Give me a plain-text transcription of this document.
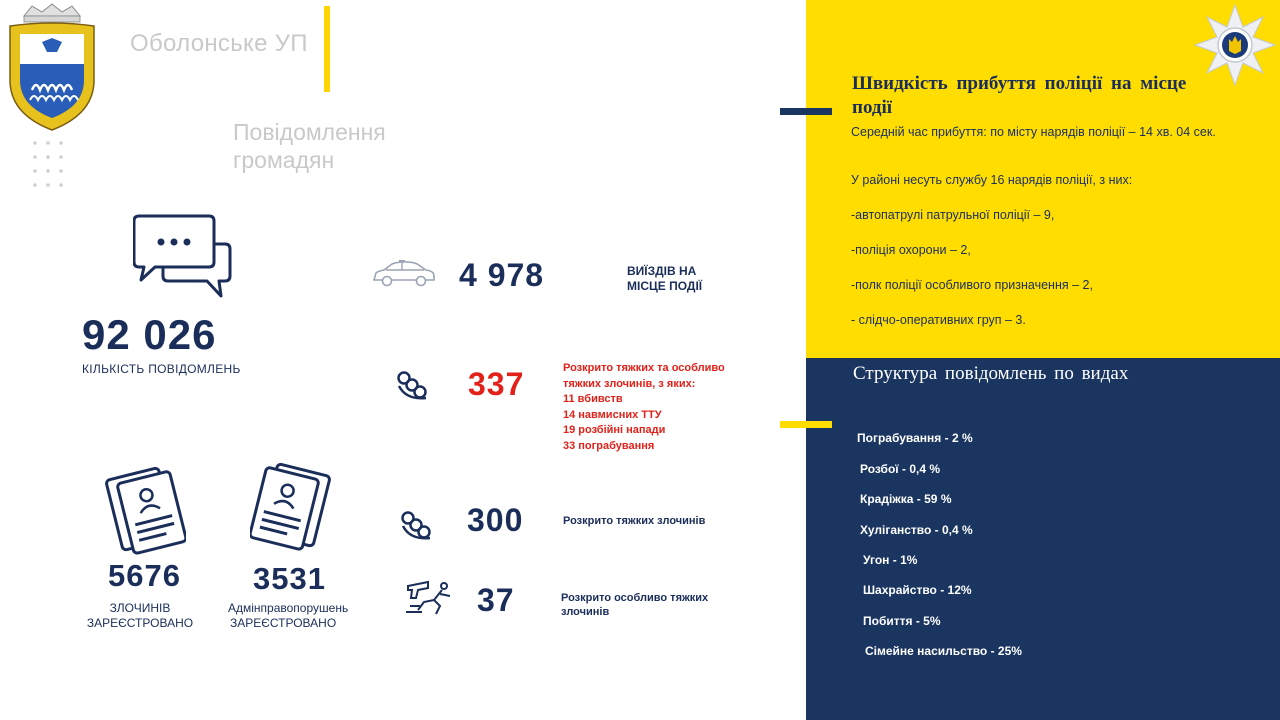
Оболонське УП
Повідомлення
громадян
92 026
КІЛЬКІСТЬ ПОВІДОМЛЕНЬ
5676 3531
ЗЛОЧИНІВ
ЗАРЕЄСТРОВАНО
Адмінправопорушень
ЗАРЕЄСТРОВАНО
4 978	ВИЇЗДІВ НА
МІСЦЕ ПОДІЇ
337	Розкрито тяжких та особливо
тяжких злочинів, з яких:
11 вбивств
14 навмисних ТТУ
19 розбійні напади
33 пограбування
300	Розкрито тяжких злочинів
37	Розкрито особливо тяжких
злочинів
Швидкість прибуття поліції на місце події
Середній час прибуття: по місту нарядів поліції – 14 хв. 04 сек.
У районі несуть службу 16 нарядів поліції, з них:
-автопатрулі патрульної поліції – 9,
-поліція охорони – 2,
-полк поліції особливого призначення – 2,
- слідчо-оперативних груп – 3.
Структура повідомлень по видах
Пограбування - 2 %
Розбої - 0,4 %
Крадіжка - 59 %
Хуліганство - 0,4 %
Угон - 1%
Шахрайство - 12%
Побиття - 5%
Сімейне насильство - 25%
